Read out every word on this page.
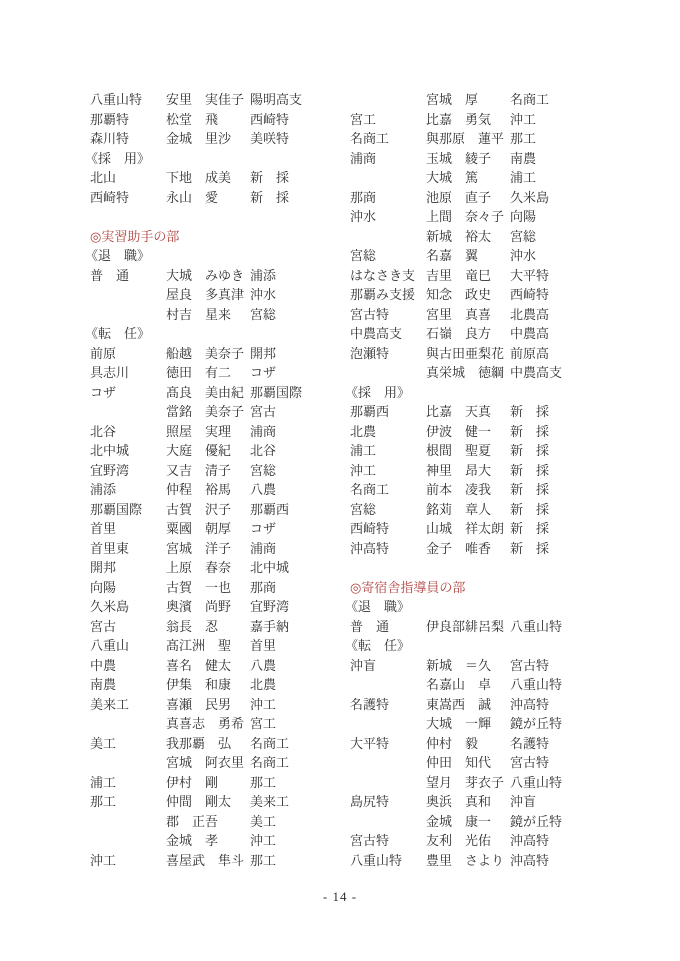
八重山特	安里　実佳子 陽明高支
那覇特	松堂　飛	西崎特
森川特	金城　里沙	美咲特
《採　用》
北山	下地　成美	新　採
西崎特	永山　愛	新　採
◎実習助手の部
《退　職》
普　通	大城　みゆき 浦添
屋良　多真津 沖水
村吉　星来	宮総
《転　任》
前原	船越　美奈子 開邦
具志川	徳田　有二	コザ
コザ	髙良　美由紀 那覇国際
當銘　美奈子 宮古
北谷	照屋　実理	浦商
北中城	大庭　優紀	北谷
宜野湾	又吉　清子	宮総
浦添	仲程　裕馬	八農
那覇国際	古賀　沢子	那覇西
首里	粟國　朝厚	コザ
首里東	宮城　洋子	浦商
開邦	上原　春奈	北中城
向陽	古賀　一也	那商
久米島	奥濱　尚野	宜野湾
宮古	翁長　忍	嘉手納
八重山	髙江洲　聖	首里
中農	喜名　健太	八農
南農	伊集　和康	北農
美来工	喜瀬　民男	沖工
真喜志　勇希 宮工
美工	我那覇　弘	名商工
宮城　阿衣里 名商工
浦工	伊村　剛	那工
那工	仲間　剛太	美来工
郡　正吾	美工
金城　孝	沖工
沖工	喜屋武　隼斗 那工
宮城　厚	名商工
宮工	比嘉　勇気	沖工
名商工	與那原　蓮平 那工
浦商	玉城　綾子	南農
大城　篤	浦工
那商	池原　直子	久米島
沖水	上間　奈々子 向陽
新城　裕太	宮総
宮総	名嘉　翼	沖水
はなさき支 吉里　竜巳	大平特
那覇み支援 知念　政史	西崎特
宮古特	宮里　真喜	北農高
中農高支	石嶺　良方	中農高
泡瀬特	與古田亜梨花 前原高
真栄城　徳綱 中農高支
《採　用》
那覇西	比嘉　天真	新　採
北農	伊波　健一	新　採
浦工	根間　聖夏	新　採
沖工	神里　昂大	新　採
名商工	前本　凌我	新　採
宮総	銘苅　章人	新　採
西崎特	山城　祥太朗 新　採
沖高特	金子　唯香	新　採
◎寄宿舎指導員の部
《退　職》
普　通	伊良部緋呂梨 八重山特
《転　任》
沖盲	新城　＝久	宮古特
名嘉山　卓	八重山特
名護特	東嵩西　誠	沖高特
大城　一輝	鏡が丘特
大平特	仲村　毅	名護特
仲田　知代	宮古特
望月　芽衣子 八重山特
島尻特	奥浜　真和	沖盲
金城　康一	鏡が丘特
宮古特	友利　光佑	沖高特
八重山特	豊里　さより 沖高特
- 14 -
